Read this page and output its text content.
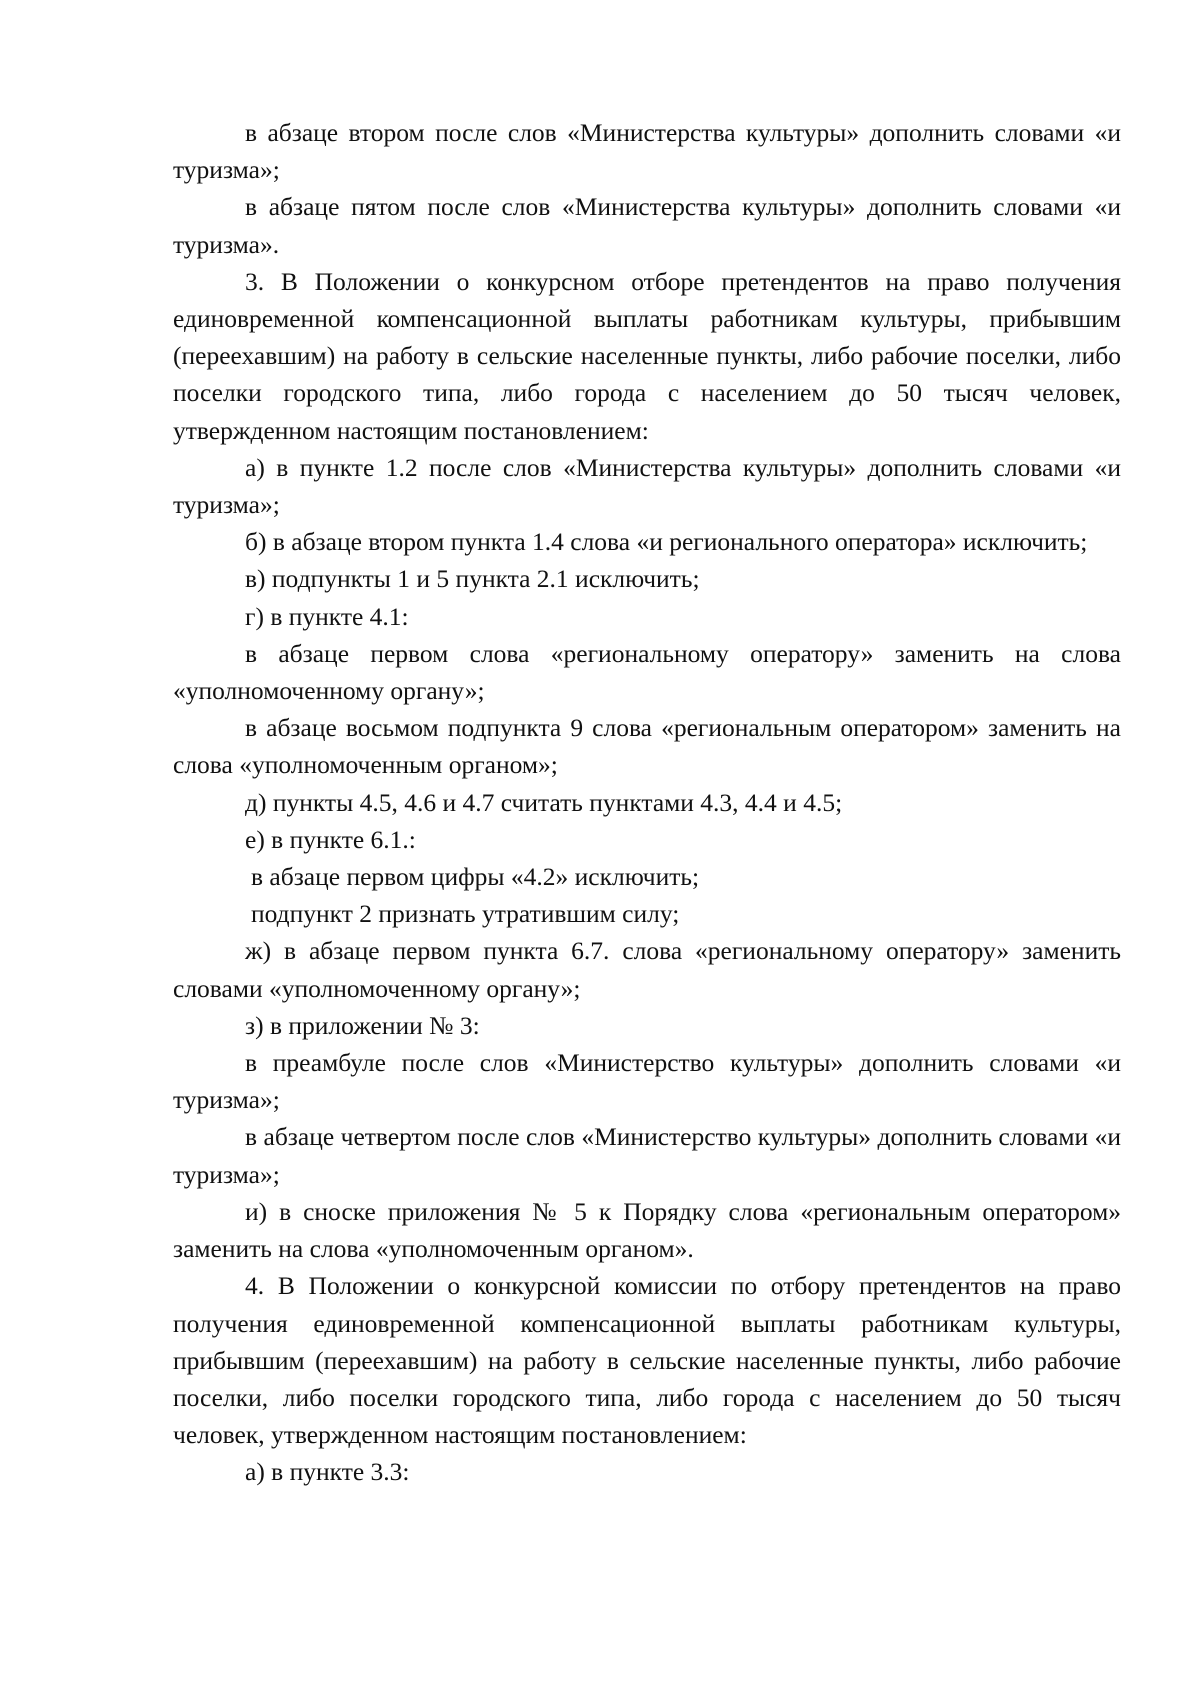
в абзаце втором после слов «Министерства культуры» дополнить словами «и туризма»;

в абзаце пятом после слов «Министерства культуры» дополнить словами «и туризма».

3. В Положении о конкурсном отборе претендентов на право получения единовременной компенсационной выплаты работникам культуры, прибывшим (переехавшим) на работу в сельские населенные пункты, либо рабочие поселки, либо поселки городского типа, либо города с населением до 50 тысяч человек, утвержденном настоящим постановлением:

а) в пункте 1.2 после слов «Министерства культуры» дополнить словами «и туризма»;

б) в абзаце втором пункта 1.4 слова «и регионального оператора» исключить;

в) подпункты 1 и 5 пункта 2.1 исключить;

г) в пункте 4.1:

в абзаце первом слова «региональному оператору» заменить на слова «уполномоченному органу»;

в абзаце восьмом подпункта 9 слова «региональным оператором» заменить на слова «уполномоченным органом»;

д) пункты 4.5, 4.6 и 4.7 считать пунктами 4.3, 4.4 и 4.5;

е) в пункте 6.1.:

в абзаце первом цифры «4.2» исключить;

подпункт 2 признать утратившим силу;

ж) в абзаце первом пункта 6.7. слова «региональному оператору» заменить словами «уполномоченному органу»;

з) в приложении № 3:

в преамбуле после слов «Министерство культуры» дополнить словами «и туризма»;

в абзаце четвертом после слов «Министерство культуры» дополнить словами «и туризма»;

и) в сноске приложения № 5 к Порядку слова «региональным оператором» заменить на слова «уполномоченным органом».

4. В Положении о конкурсной комиссии по отбору претендентов на право получения единовременной компенсационной выплаты работникам культуры, прибывшим (переехавшим) на работу в сельские населенные пункты, либо рабочие поселки, либо поселки городского типа, либо города с населением до 50 тысяч человек, утвержденном настоящим постановлением:

а) в пункте 3.3:
